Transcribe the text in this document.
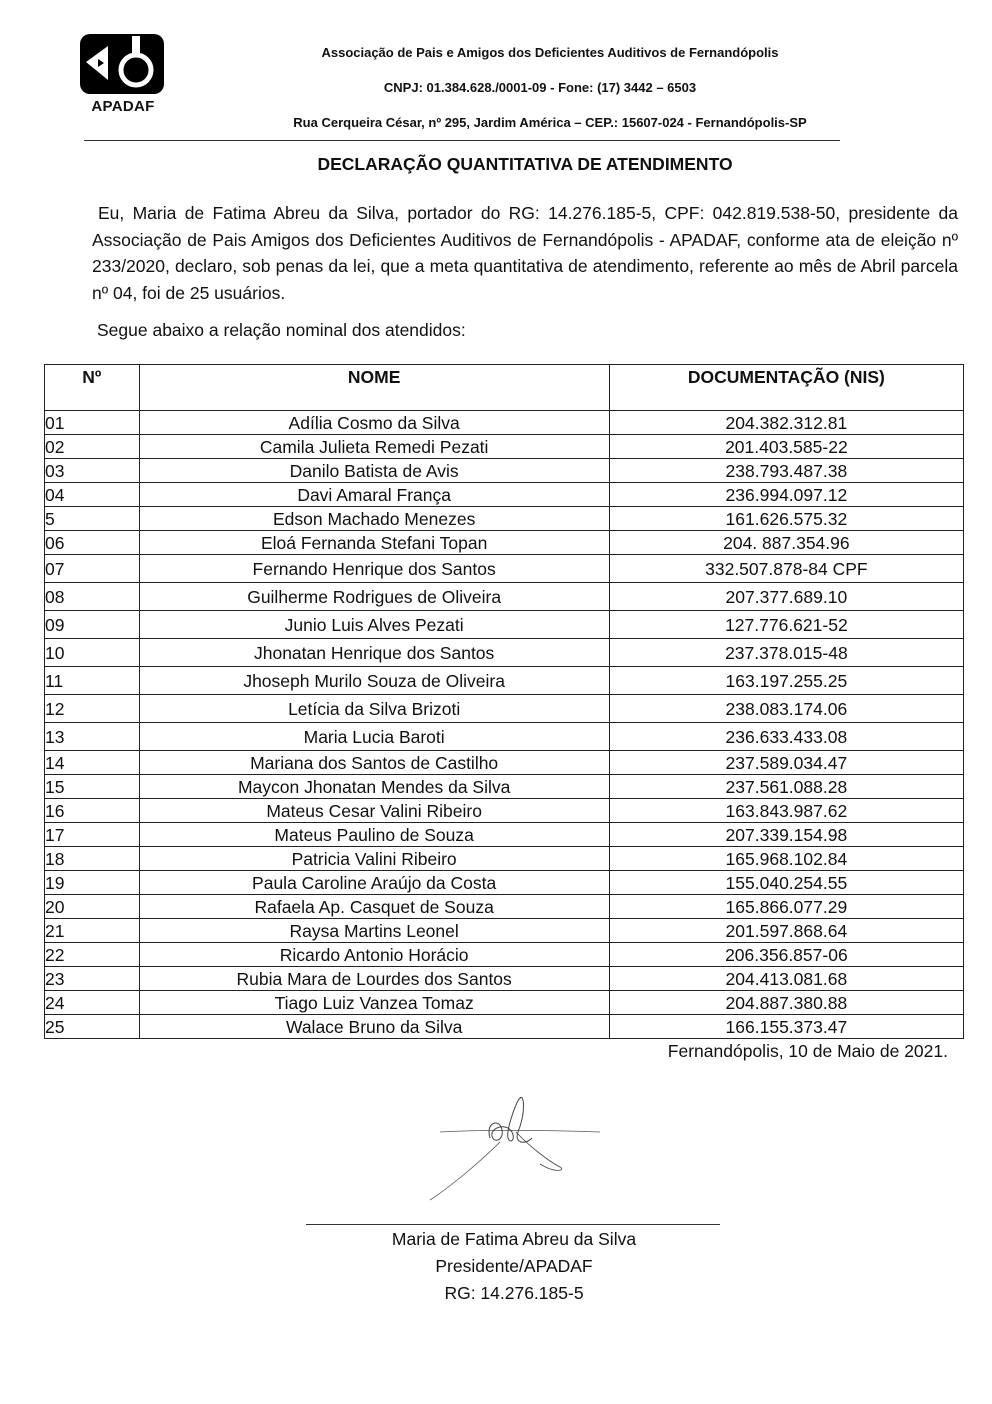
APADAF
Associação de Pais e Amigos dos Deficientes Auditivos de Fernandópolis
CNPJ: 01.384.628./0001-09 - Fone: (17) 3442 – 6503
Rua Cerqueira César, nº 295, Jardim América – CEP.: 15607-024 - Fernandópolis-SP
DECLARAÇÃO QUANTITATIVA DE ATENDIMENTO
Eu, Maria de Fatima Abreu da Silva, portador do RG: 14.276.185-5, CPF: 042.819.538-50, presidente da Associação de Pais Amigos dos Deficientes Auditivos de Fernandópolis - APADAF, conforme ata de eleição nº 233/2020, declaro, sob penas da lei, que a meta quantitativa de atendimento, referente ao mês de Abril parcela nº 04, foi de 25 usuários.
Segue abaixo a relação nominal dos atendidos:
Nº	NOME	DOCUMENTAÇÃO (NIS)
01	Adília Cosmo da Silva	204.382.312.81
02	Camila Julieta Remedi Pezati	201.403.585-22
03	Danilo Batista de Avis	238.793.487.38
04	Davi Amaral França	236.994.097.12
5	Edson Machado Menezes	161.626.575.32
06	Eloá Fernanda Stefani Topan	204. 887.354.96
07	Fernando Henrique dos Santos	332.507.878-84 CPF
08	Guilherme Rodrigues de Oliveira	207.377.689.10
09	Junio Luis Alves Pezati	127.776.621-52
10	Jhonatan Henrique dos Santos	237.378.015-48
11	Jhoseph Murilo Souza de Oliveira	163.197.255.25
12	Letícia da Silva Brizoti	238.083.174.06
13	Maria Lucia Baroti	236.633.433.08
14	Mariana dos Santos de Castilho	237.589.034.47
15	Maycon Jhonatan Mendes da Silva	237.561.088.28
16	Mateus Cesar Valini Ribeiro	163.843.987.62
17	Mateus Paulino de Souza	207.339.154.98
18	Patricia Valini Ribeiro	165.968.102.84
19	Paula Caroline Araújo da Costa	155.040.254.55
20	Rafaela Ap. Casquet de Souza	165.866.077.29
21	Raysa Martins Leonel	201.597.868.64
22	Ricardo Antonio Horácio	206.356.857-06
23	Rubia Mara de Lourdes dos Santos	204.413.081.68
24	Tiago Luiz Vanzea Tomaz	204.887.380.88
25	Walace Bruno da Silva	166.155.373.47
Fernandópolis, 10 de Maio de 2021.
Maria de Fatima Abreu da Silva
Presidente/APADAF
RG: 14.276.185-5
